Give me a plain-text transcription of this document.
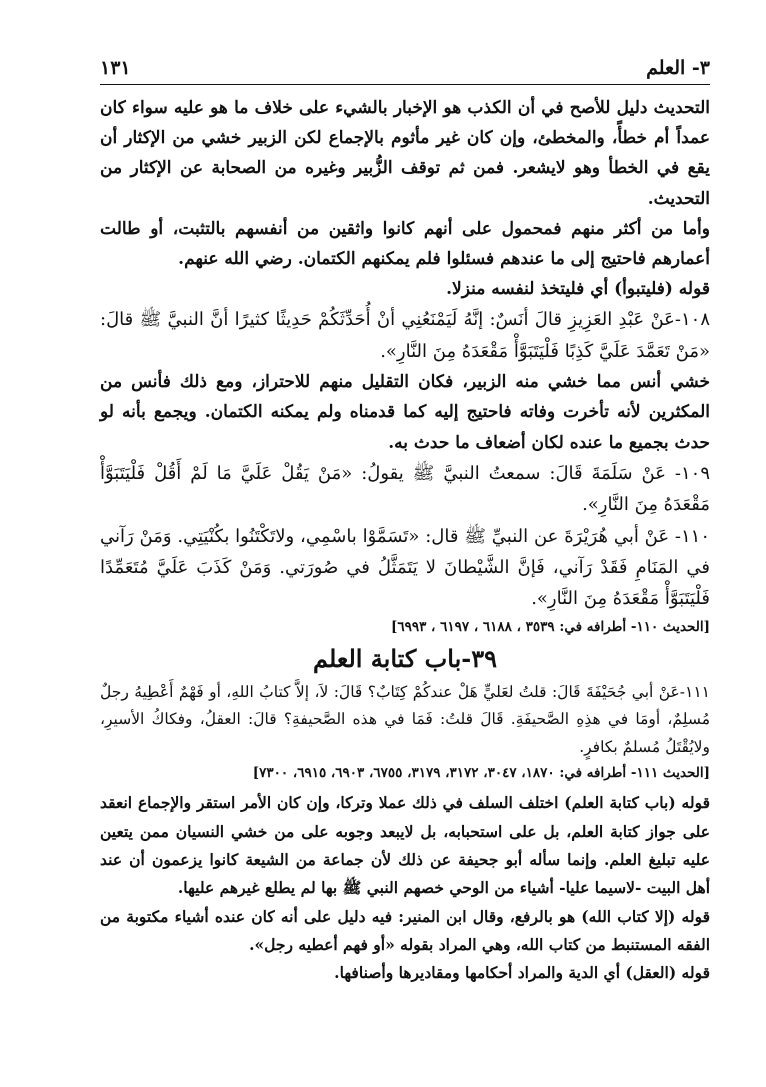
٣- العلم
١٣١

التحديث دليل للأصح في أن الكذب هو الإخبار بالشيء على خلاف ما هو عليه سواء كان عمداً أم خطأً، والمخطئ، وإن كان غير مأثوم بالإجماع لكن الزبير خشي من الإكثار أن يقع في الخطأ وهو لايشعر. فمن ثم توقف الزُّبير وغيره من الصحابة عن الإكثار من التحديث.

وأما من أكثر منهم فمحمول على أنهم كانوا واثقين من أنفسهم بالتثبت، أو طالت أعمارهم فاحتيج إلى ما عندهم فسئلوا فلم يمكنهم الكتمان. رضي الله عنهم.

قوله (فليتبوأ) أي فليتخذ لنفسه منزلا.

١٠٨-عَنْ عَبْدِ العَزِيزِ قالَ أنَسٌ: إنَّهُ لَيَمْنَعُنِي أنْ أُحَدِّثَكُمْ حَدِيثًا كثيرًا أنَّ النبيَّ ﷺ قالَ: «مَنْ تَعَمَّدَ عَلَيَّ كَذِبًا فَلْيَتَبَوَّأْ مَقْعَدَهُ مِنَ النَّارِ».

خشي أنس مما خشي منه الزبير، فكان التقليل منهم للاحتراز، ومع ذلك فأنس من المكثرين لأنه تأخرت وفاته فاحتيج إليه كما قدمناه ولم يمكنه الكتمان. ويجمع بأنه لو حدث بجميع ما عنده لكان أضعاف ما حدث به.

١٠٩- عَنْ سَلَمَةَ قَالَ: سمعتُ النبيَّ ﷺ يقولُ: «مَنْ يَقُلْ عَلَيَّ مَا لَمْ أَقُلْ فَلْيَتَبَوَّأْ مَقْعَدَهُ مِنَ النَّارِ».

١١٠- عَنْ أبي هُرَيْرَةَ عن النبيِّ ﷺ قال: «تَسَمَّوْا باسْمِي، ولاتَكْتَنُوا بكُنْيَتِي. وَمَنْ رَآني في المَنَامِ فَقَدْ رَآني، فَإنَّ الشَّيْطانَ لا يَتَمَثَّلُ في صُورَتي. وَمَنْ كَذَبَ عَلَيَّ مُتَعَمِّدًا فَلْيَتَبَوَّأْ مَقْعَدَهُ مِنَ النَّارِ».

[الحديث ١١٠- أطرافه في: ٣٥٣٩ ، ٦١٨٨ ، ٦١٩٧ ، ٦٩٩٣]

٣٩-باب كتابة العلم

١١١-عَنْ أبي جُحَيْفَةَ قَالَ: قلتُ لعَليٍّ هَلْ عندكُمْ كِتَابٌ؟ قَالَ: لاَ، إلاَّ كتابُ اللهِ، أو فَهْمٌ أَعْطِيهُ رجلٌ مُسلِمٌ، أومَا في هذِهِ الصَّحيفَةِ. قَالَ قلتُ: فَمَا في هذه الصَّحيفةِ؟ قالَ: العقلُ، وفكاكُ الأسيرِ، ولايُقْتَلُ مُسلمٌ بكافرٍ.

[الحديث ١١١- أطرافه في: ١٨٧٠، ٣٠٤٧، ٣١٧٢، ٣١٧٩، ٦٧٥٥، ٦٩٠٣، ٦٩١٥، ٧٣٠٠]

قوله (باب كتابة العلم) اختلف السلف في ذلك عملا وتركا، وإن كان الأمر استقر والإجماع انعقد على جواز كتابة العلم، بل على استحبابه، بل لايبعد وجوبه على من خشي النسيان ممن يتعين عليه تبليغ العلم. وإنما سأله أبو جحيفة عن ذلك لأن جماعة من الشيعة كانوا يزعمون أن عند أهل البيت -لاسيما عليا- أشياء من الوحي خصهم النبي ﷺ بها لم يطلع غيرهم عليها.

قوله (إلا كتاب الله) هو بالرفع، وقال ابن المنير: فيه دليل على أنه كان عنده أشياء مكتوبة من الفقه المستنبط من كتاب الله، وهي المراد بقوله «أو فهم أعطيه رجل».

قوله (العقل) أي الدية والمراد أحكامها ومقاديرها وأصنافها.
